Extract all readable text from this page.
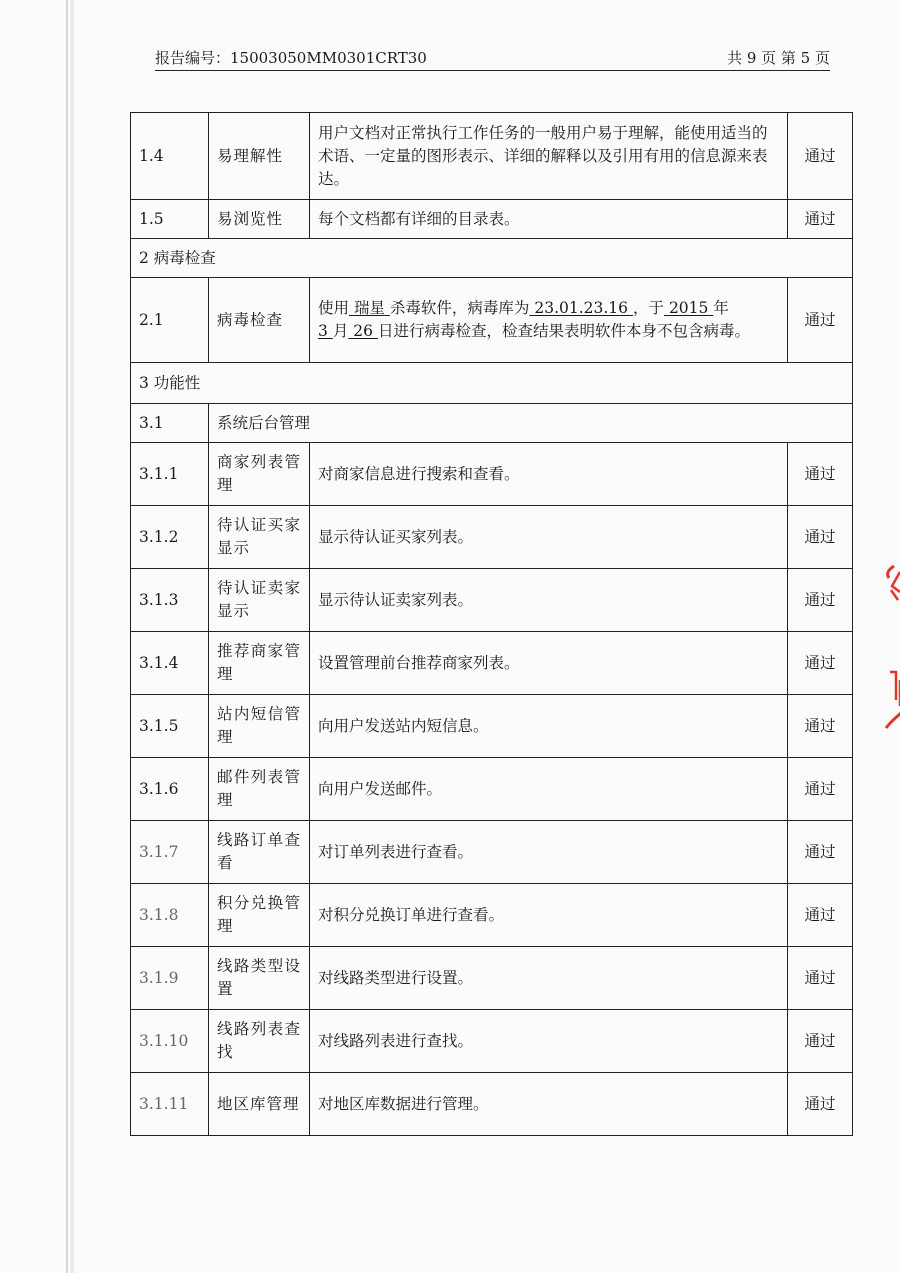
报告编号：15003050MM0301CRT30	共 9 页 第 5 页
1.4	易理解性	用户文档对正常执行工作任务的一般用户易于理解，能使用适当的术语、一定量的图形表示、详细的解释以及引用有用的信息源来表达。	通过
1.5	易浏览性	每个文档都有详细的目录表。	通过
2 病毒检查			
2.1	病毒检查	使用 瑞星 杀毒软件，病毒库为 23.01.23.16 ，于 2015 年3 月 26 日进行病毒检查，检查结果表明软件本身不包含病毒。	通过
3 功能性			
3.1	系统后台管理		
3.1.1	商家列表管理	对商家信息进行搜索和查看。	通过
3.1.2	待认证买家显示	显示待认证买家列表。	通过
3.1.3	待认证卖家显示	显示待认证卖家列表。	通过
3.1.4	推荐商家管理	设置管理前台推荐商家列表。	通过
3.1.5	站内短信管理	向用户发送站内短信息。	通过
3.1.6	邮件列表管理	向用户发送邮件。	通过
3.1.7	线路订单查看	对订单列表进行查看。	通过
3.1.8	积分兑换管理	对积分兑换订单进行查看。	通过
3.1.9	线路类型设置	对线路类型进行设置。	通过
3.1.10	线路列表查找	对线路列表进行查找。	通过
3.1.11	地区库管理	对地区库数据进行管理。	通过
